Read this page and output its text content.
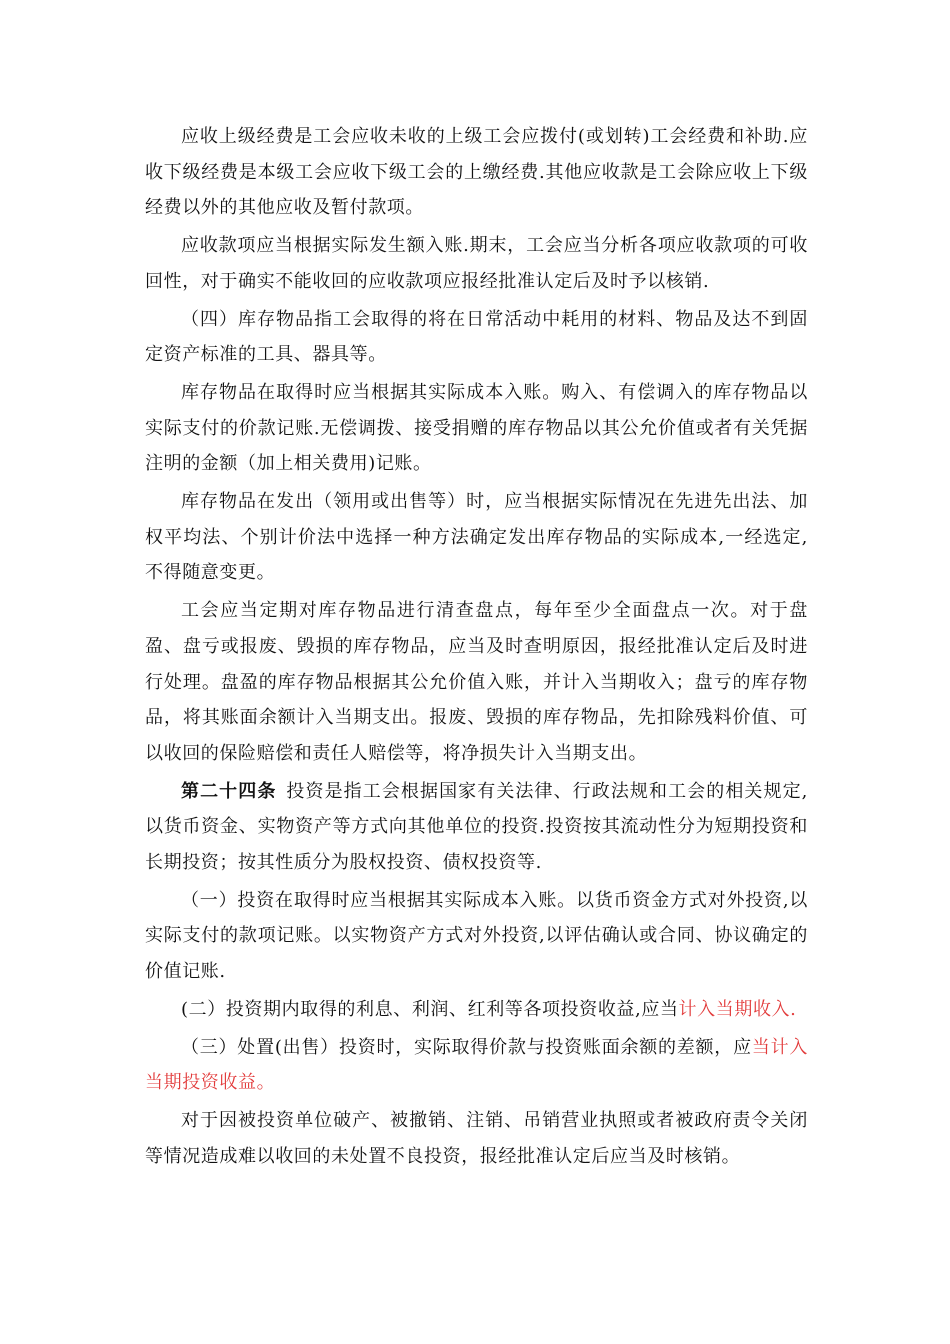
应收上级经费是工会应收未收的上级工会应拨付(或划转)工会经费和补助.应收下级经费是本级工会应收下级工会的上缴经费.其他应收款是工会除应收上下级经费以外的其他应收及暂付款项。

应收款项应当根据实际发生额入账.期末，工会应当分析各项应收款项的可收回性，对于确实不能收回的应收款项应报经批准认定后及时予以核销.

（四）库存物品指工会取得的将在日常活动中耗用的材料、物品及达不到固定资产标准的工具、器具等。

库存物品在取得时应当根据其实际成本入账。购入、有偿调入的库存物品以实际支付的价款记账.无偿调拨、接受捐赠的库存物品以其公允价值或者有关凭据注明的金额（加上相关费用)记账。

库存物品在发出（领用或出售等）时，应当根据实际情况在先进先出法、加权平均法、个别计价法中选择一种方法确定发出库存物品的实际成本,一经选定,不得随意变更。

工会应当定期对库存物品进行清查盘点，每年至少全面盘点一次。对于盘盈、盘亏或报废、毁损的库存物品，应当及时查明原因，报经批准认定后及时进行处理。盘盈的库存物品根据其公允价值入账，并计入当期收入；盘亏的库存物品，将其账面余额计入当期支出。报废、毁损的库存物品，先扣除残料价值、可以收回的保险赔偿和责任人赔偿等，将净损失计入当期支出。

第二十四条 投资是指工会根据国家有关法律、行政法规和工会的相关规定,以货币资金、实物资产等方式向其他单位的投资.投资按其流动性分为短期投资和长期投资；按其性质分为股权投资、债权投资等.

（一）投资在取得时应当根据其实际成本入账。以货币资金方式对外投资,以实际支付的款项记账。以实物资产方式对外投资,以评估确认或合同、协议确定的价值记账.

(二）投资期内取得的利息、利润、红利等各项投资收益,应当计入当期收入.

（三）处置(出售）投资时，实际取得价款与投资账面余额的差额，应当计入当期投资收益。

对于因被投资单位破产、被撤销、注销、吊销营业执照或者被政府责令关闭等情况造成难以收回的未处置不良投资，报经批准认定后应当及时核销。
